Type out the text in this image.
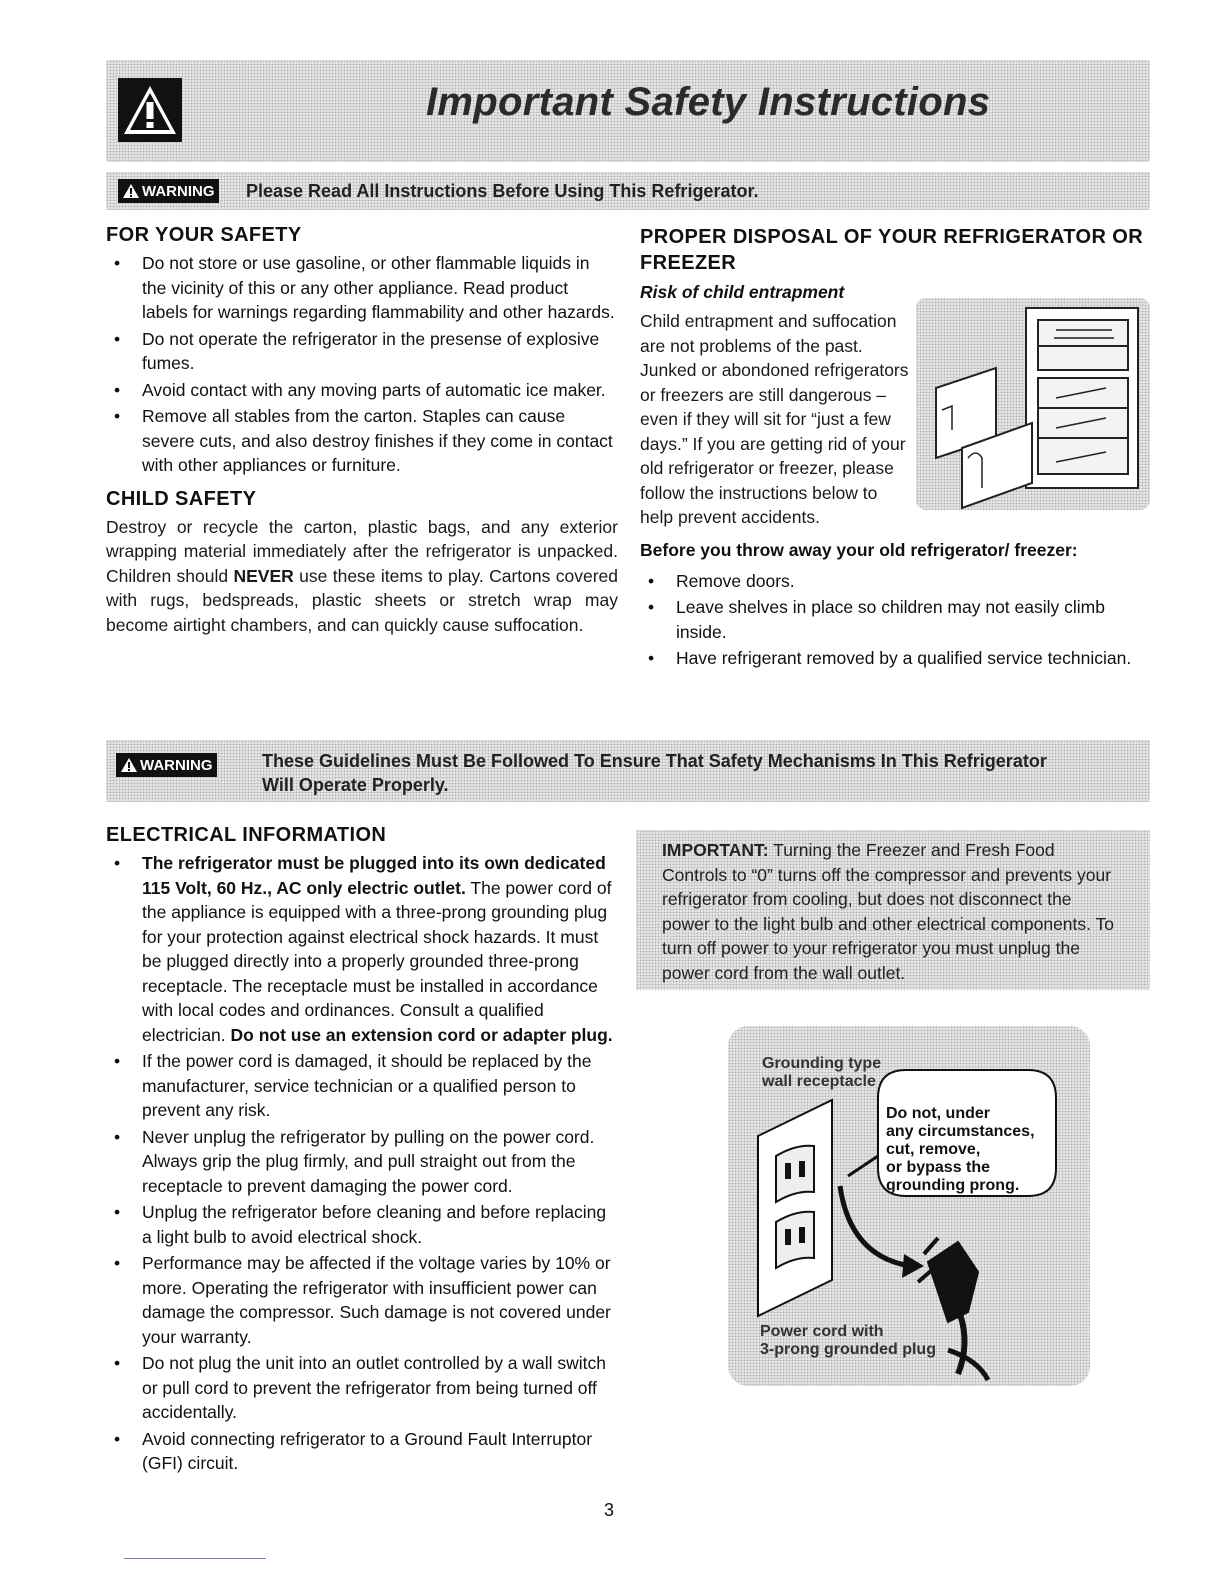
Important Safety Instructions
WARNING Please Read All Instructions Before Using This Refrigerator.
FOR YOUR SAFETY
• Do not store or use gasoline, or other flammable liquids in the vicinity of this or any other appliance. Read product labels for warnings regarding flammability and other hazards.
• Do not operate the refrigerator in the presense of explosive fumes.
• Avoid contact with any moving parts of automatic ice maker.
• Remove all stables from the carton. Staples can cause severe cuts, and also destroy finishes if they come in contact with other appliances or furniture.
CHILD SAFETY

Destroy or recycle the carton, plastic bags, and any exterior wrapping material immediately after the refrigerator is unpacked. Children should NEVER use these items to play. Cartons covered with rugs, bedspreads, plastic sheets or stretch wrap may become airtight chambers, and can quickly cause suffocation.

PROPER DISPOSAL OF YOUR REFRIGERATOR OR FREEZER
Risk of child entrapment

Child entrapment and suffocation are not problems of the past. Junked or abondoned refrigerators or freezers are still dangerous – even if they will sit for “just a few days.” If you are getting rid of your old refrigerator or freezer, please follow the instructions below to help prevent accidents.

Before you throw away your old refrigerator/ freezer:
• Remove doors.
• Leave shelves in place so children may not easily climb inside.
• Have refrigerant removed by a qualified service technician.
WARNING	These Guidelines Must Be Followed To Ensure That Safety Mechanisms In This Refrigerator
Will Operate Properly.
ELECTRICAL INFORMATION
• The refrigerator must be plugged into its own dedicated 115 Volt, 60 Hz., AC only electric outlet. The power cord of the appliance is equipped with a three-prong grounding plug for your protection against electrical shock hazards. It must be plugged directly into a properly grounded three-prong receptacle. The receptacle must be installed in accordance with local codes and ordinances. Consult a qualified electrician. Do not use an extension cord or adapter plug.
• If the power cord is damaged, it should be replaced by the manufacturer, service technician or a qualified person to prevent any risk.
• Never unplug the refrigerator by pulling on the power cord. Always grip the plug firmly, and pull straight out from the receptacle to prevent damaging the power cord.
• Unplug the refrigerator before cleaning and before replacing a light bulb to avoid electrical shock.
• Performance may be affected if the voltage varies by 10% or more. Operating the refrigerator with insufficient power can damage the compressor. Such damage is not covered under your warranty.
• Do not plug the unit into an outlet controlled by a wall switch or pull cord to prevent the refrigerator from being turned off accidentally.
• Avoid connecting refrigerator to a Ground Fault Interruptor (GFI) circuit.

IMPORTANT: Turning the Freezer and Fresh Food Controls to “0” turns off the compressor and prevents your refrigerator from cooling, but does not disconnect the power to the light bulb and other electrical components. To turn off power to your refrigerator you must unplug the power cord from the wall outlet.

Grounding type
wall receptacle
Do not, under
any circumstances,
cut, remove,
or bypass the
grounding prong.
Power cord with
3-prong grounded plug
3
